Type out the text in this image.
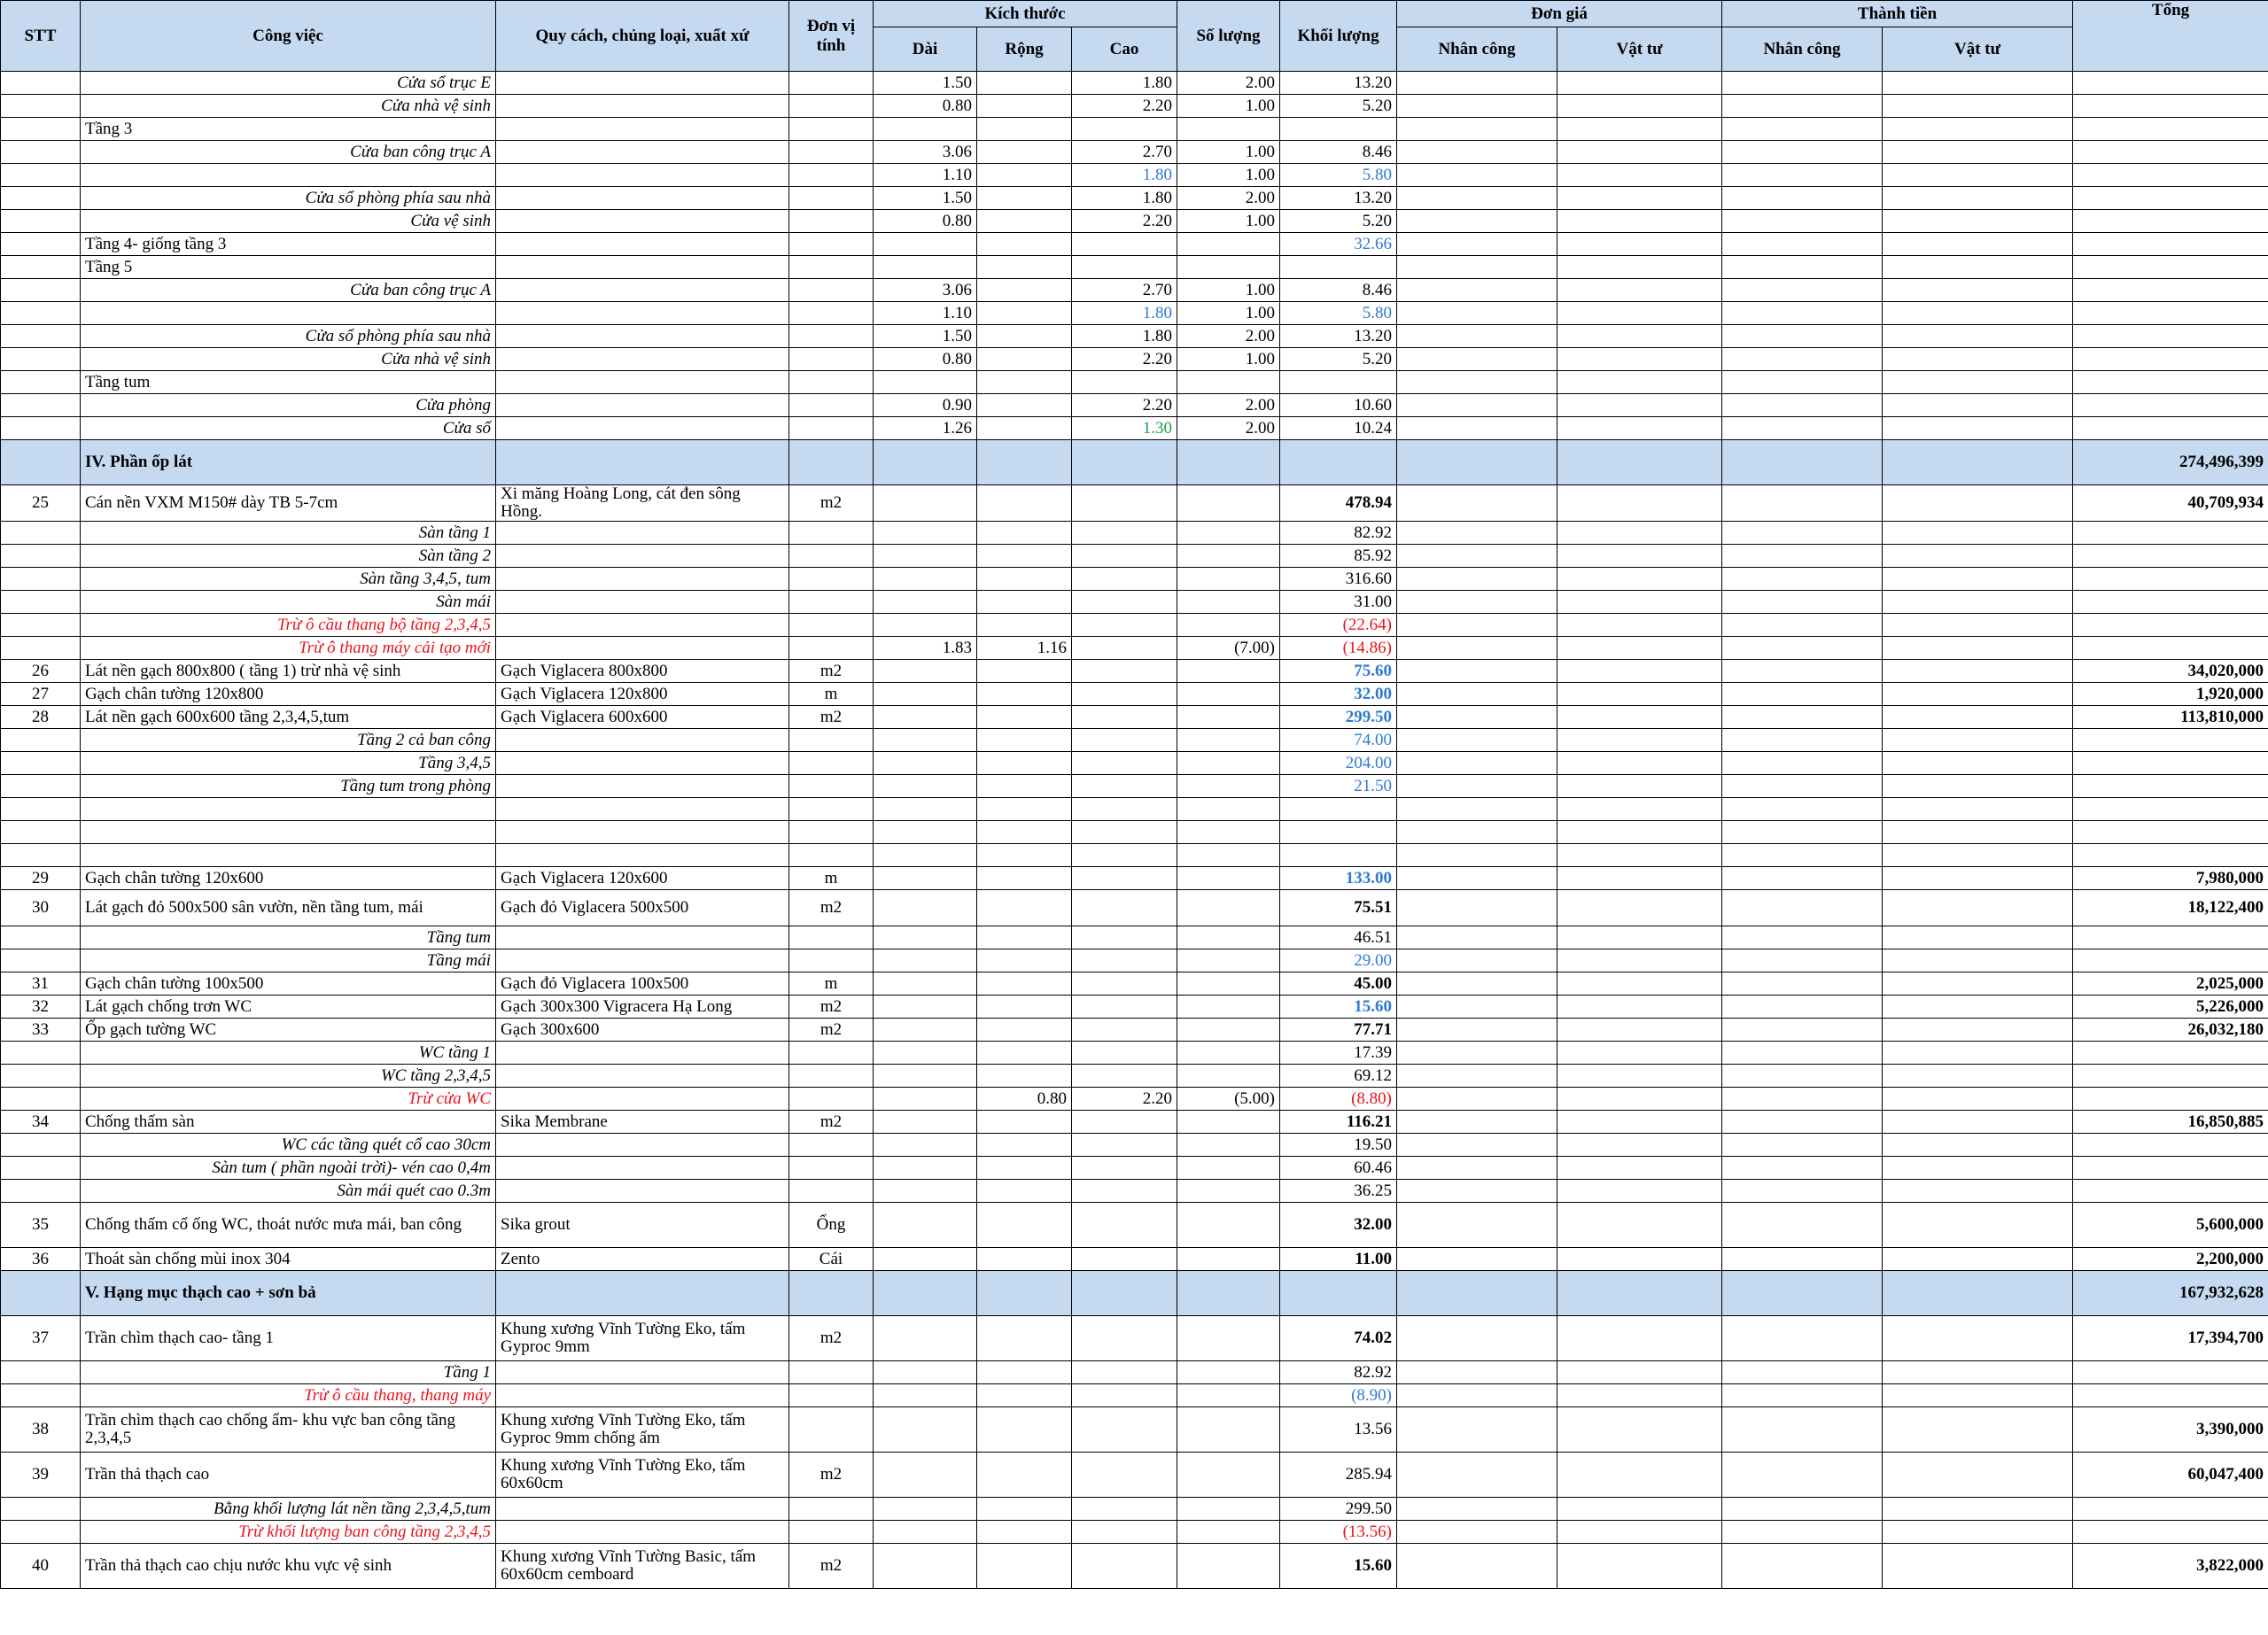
STT	Công việc	Quy cách, chủng loại, xuất xứ	Đơn vị tính	Kích thước			Số lượng	Khối lượng	Đơn giá		Thành tiền		Tổng
				Dài	Rộng	Cao			Nhân công	Vật tư	Nhân công	Vật tư	
	Cửa sổ trục E			1.50		1.80	2.00	13.20					
	Cửa nhà vệ sinh			0.80		2.20	1.00	5.20					
	Tầng 3												
	Cửa ban công trục A			3.06		2.70	1.00	8.46					
				1.10		1.80	1.00	5.80					
	Cửa sổ phòng phía sau nhà			1.50		1.80	2.00	13.20					
	Cửa vệ sinh			0.80		2.20	1.00	5.20					
	Tầng 4- giống tầng 3							32.66					
	Tầng 5												
	Cửa ban công trục A			3.06		2.70	1.00	8.46					
				1.10		1.80	1.00	5.80					
	Cửa sổ phòng phía sau nhà			1.50		1.80	2.00	13.20					
	Cửa nhà vệ sinh			0.80		2.20	1.00	5.20					
	Tầng tum												
	Cửa phòng			0.90		2.20	2.00	10.60					
	Cửa sổ			1.26		1.30	2.00	10.24					
	IV. Phần ốp lát												274,496,399
25	Cán nền VXM M150# dày TB 5-7cm	Xi măng Hoàng Long, cát đen sông Hồng.	m2					478.94					40,709,934
	Sàn tầng 1							82.92					
	Sàn tầng 2							85.92					
	Sàn tầng 3,4,5, tum							316.60					
	Sàn mái							31.00					
	Trừ ô cầu thang bộ tầng 2,3,4,5							(22.64)					
	Trừ ô thang máy cải tạo mới			1.83	1.16		(7.00)	(14.86)					
26	Lát nền gạch 800x800 ( tầng 1) trừ nhà vệ sinh	Gạch Viglacera 800x800	m2					75.60					34,020,000
27	Gạch chân tường 120x800	Gạch Viglacera 120x800	m					32.00					1,920,000
28	Lát nền gạch 600x600 tầng 2,3,4,5,tum	Gạch Viglacera 600x600	m2					299.50					113,810,000
	Tầng 2 cả ban công							74.00					
	Tầng 3,4,5							204.00					
	Tầng tum trong phòng							21.50					

29	Gạch chân tường 120x600	Gạch Viglacera 120x600	m					133.00					7,980,000
30	Lát gạch đỏ 500x500 sân vườn, nền tầng tum, mái	Gạch đỏ Viglacera 500x500	m2					75.51					18,122,400
	Tầng tum							46.51					
	Tầng mái							29.00					
31	Gạch chân tường 100x500	Gạch đỏ Viglacera 100x500	m					45.00					2,025,000
32	Lát gạch chống trơn WC	Gạch 300x300 Vigracera Hạ Long	m2					15.60					5,226,000
33	Ốp gạch tường WC	Gạch 300x600	m2					77.71					26,032,180
	WC tầng 1							17.39					
	WC tầng 2,3,4,5							69.12					
	Trừ cửa WC				0.80	2.20	(5.00)	(8.80)					
34	Chống thấm sàn	Sika Membrane	m2					116.21					16,850,885
	WC các tầng quét cổ cao 30cm							19.50					
	Sàn tum ( phần ngoài trời)- vén cao 0,4m							60.46					
	Sàn mái quét cao 0.3m							36.25					
35	Chống thấm cổ ống WC, thoát nước mưa mái, ban công	Sika grout	Ống					32.00					5,600,000
36	Thoát sàn chống mùi inox 304	Zento	Cái					11.00					2,200,000
	V. Hạng mục thạch cao + sơn bả												167,932,628
37	Trần chìm thạch cao- tầng 1	Khung xương Vĩnh Tường Eko, tấm Gyproc 9mm	m2					74.02					17,394,700
	Tầng 1							82.92					
	Trừ ô cầu thang, thang máy							(8.90)					
38	Trần chìm thạch cao chống ẩm- khu vực ban công tầng 2,3,4,5	Khung xương Vĩnh Tường Eko, tấm Gyproc 9mm chống ẩm						13.56					3,390,000
39	Trần thả thạch cao	Khung xương Vĩnh Tường Eko, tấm 60x60cm	m2					285.94					60,047,400
	Bằng khối lượng lát nền tầng 2,3,4,5,tum							299.50					
	Trừ khối lượng ban công tầng 2,3,4,5							(13.56)					
40	Trần thả thạch cao chịu nước khu vực vệ sinh	Khung xương Vĩnh Tường Basic, tấm 60x60cm cemboard	m2					15.60					3,822,000
